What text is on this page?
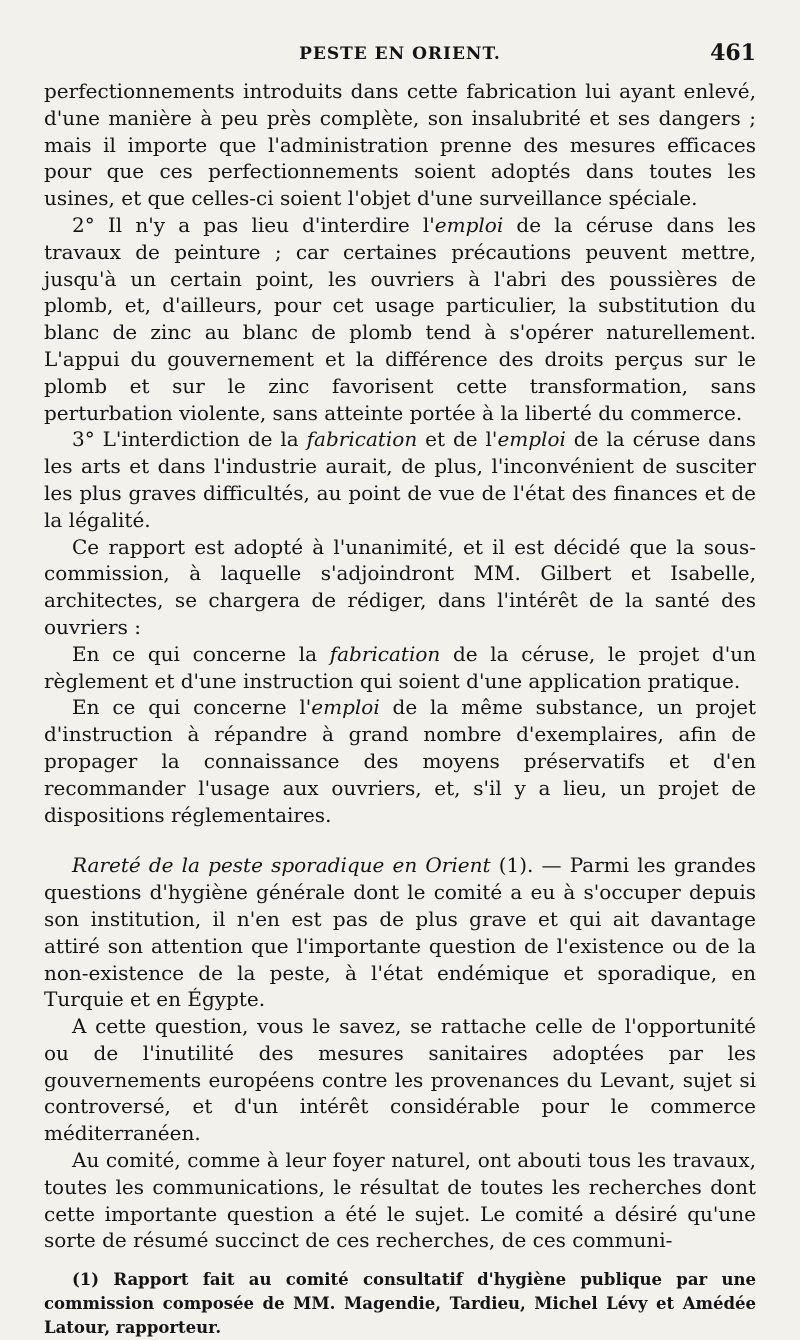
PESTE EN ORIENT.	461

perfectionnements introduits dans cette fabrication lui ayant enlevé, d'une manière à peu près complète, son insalubrité et ses dangers ; mais il importe que l'administration prenne des mesures efficaces pour que ces perfectionnements soient adoptés dans toutes les usines, et que celles-ci soient l'objet d'une surveillance spéciale.

2° Il n'y a pas lieu d'interdire l'emploi de la céruse dans les travaux de peinture ; car certaines précautions peuvent mettre, jusqu'à un certain point, les ouvriers à l'abri des poussières de plomb, et, d'ailleurs, pour cet usage particulier, la substitution du blanc de zinc au blanc de plomb tend à s'opérer naturellement. L'appui du gouvernement et la différence des droits perçus sur le plomb et sur le zinc favorisent cette transformation, sans perturbation violente, sans atteinte portée à la liberté du commerce.

3° L'interdiction de la fabrication et de l'emploi de la céruse dans les arts et dans l'industrie aurait, de plus, l'inconvénient de susciter les plus graves difficultés, au point de vue de l'état des finances et de la légalité.

Ce rapport est adopté à l'unanimité, et il est décidé que la sous-commission, à laquelle s'adjoindront MM. Gilbert et Isabelle, architectes, se chargera de rédiger, dans l'intérêt de la santé des ouvriers :

En ce qui concerne la fabrication de la céruse, le projet d'un règlement et d'une instruction qui soient d'une application pratique.

En ce qui concerne l'emploi de la même substance, un projet d'instruction à répandre à grand nombre d'exemplaires, afin de propager la connaissance des moyens préservatifs et d'en recommander l'usage aux ouvriers, et, s'il y a lieu, un projet de dispositions réglementaires.

Rareté de la peste sporadique en Orient (1). — Parmi les grandes questions d'hygiène générale dont le comité a eu à s'occuper depuis son institution, il n'en est pas de plus grave et qui ait davantage attiré son attention que l'importante question de l'existence ou de la non-existence de la peste, à l'état endémique et sporadique, en Turquie et en Égypte.

A cette question, vous le savez, se rattache celle de l'opportunité ou de l'inutilité des mesures sanitaires adoptées par les gouvernements européens contre les provenances du Levant, sujet si controversé, et d'un intérêt considérable pour le commerce méditerranéen.

Au comité, comme à leur foyer naturel, ont abouti tous les travaux, toutes les communications, le résultat de toutes les recherches dont cette importante question a été le sujet. Le comité a désiré qu'une sorte de résumé succinct de ces recherches, de ces communi-

(1) Rapport fait au comité consultatif d'hygiène publique par une commission composée de MM. Magendie, Tardieu, Michel Lévy et Amédée Latour, rapporteur.
